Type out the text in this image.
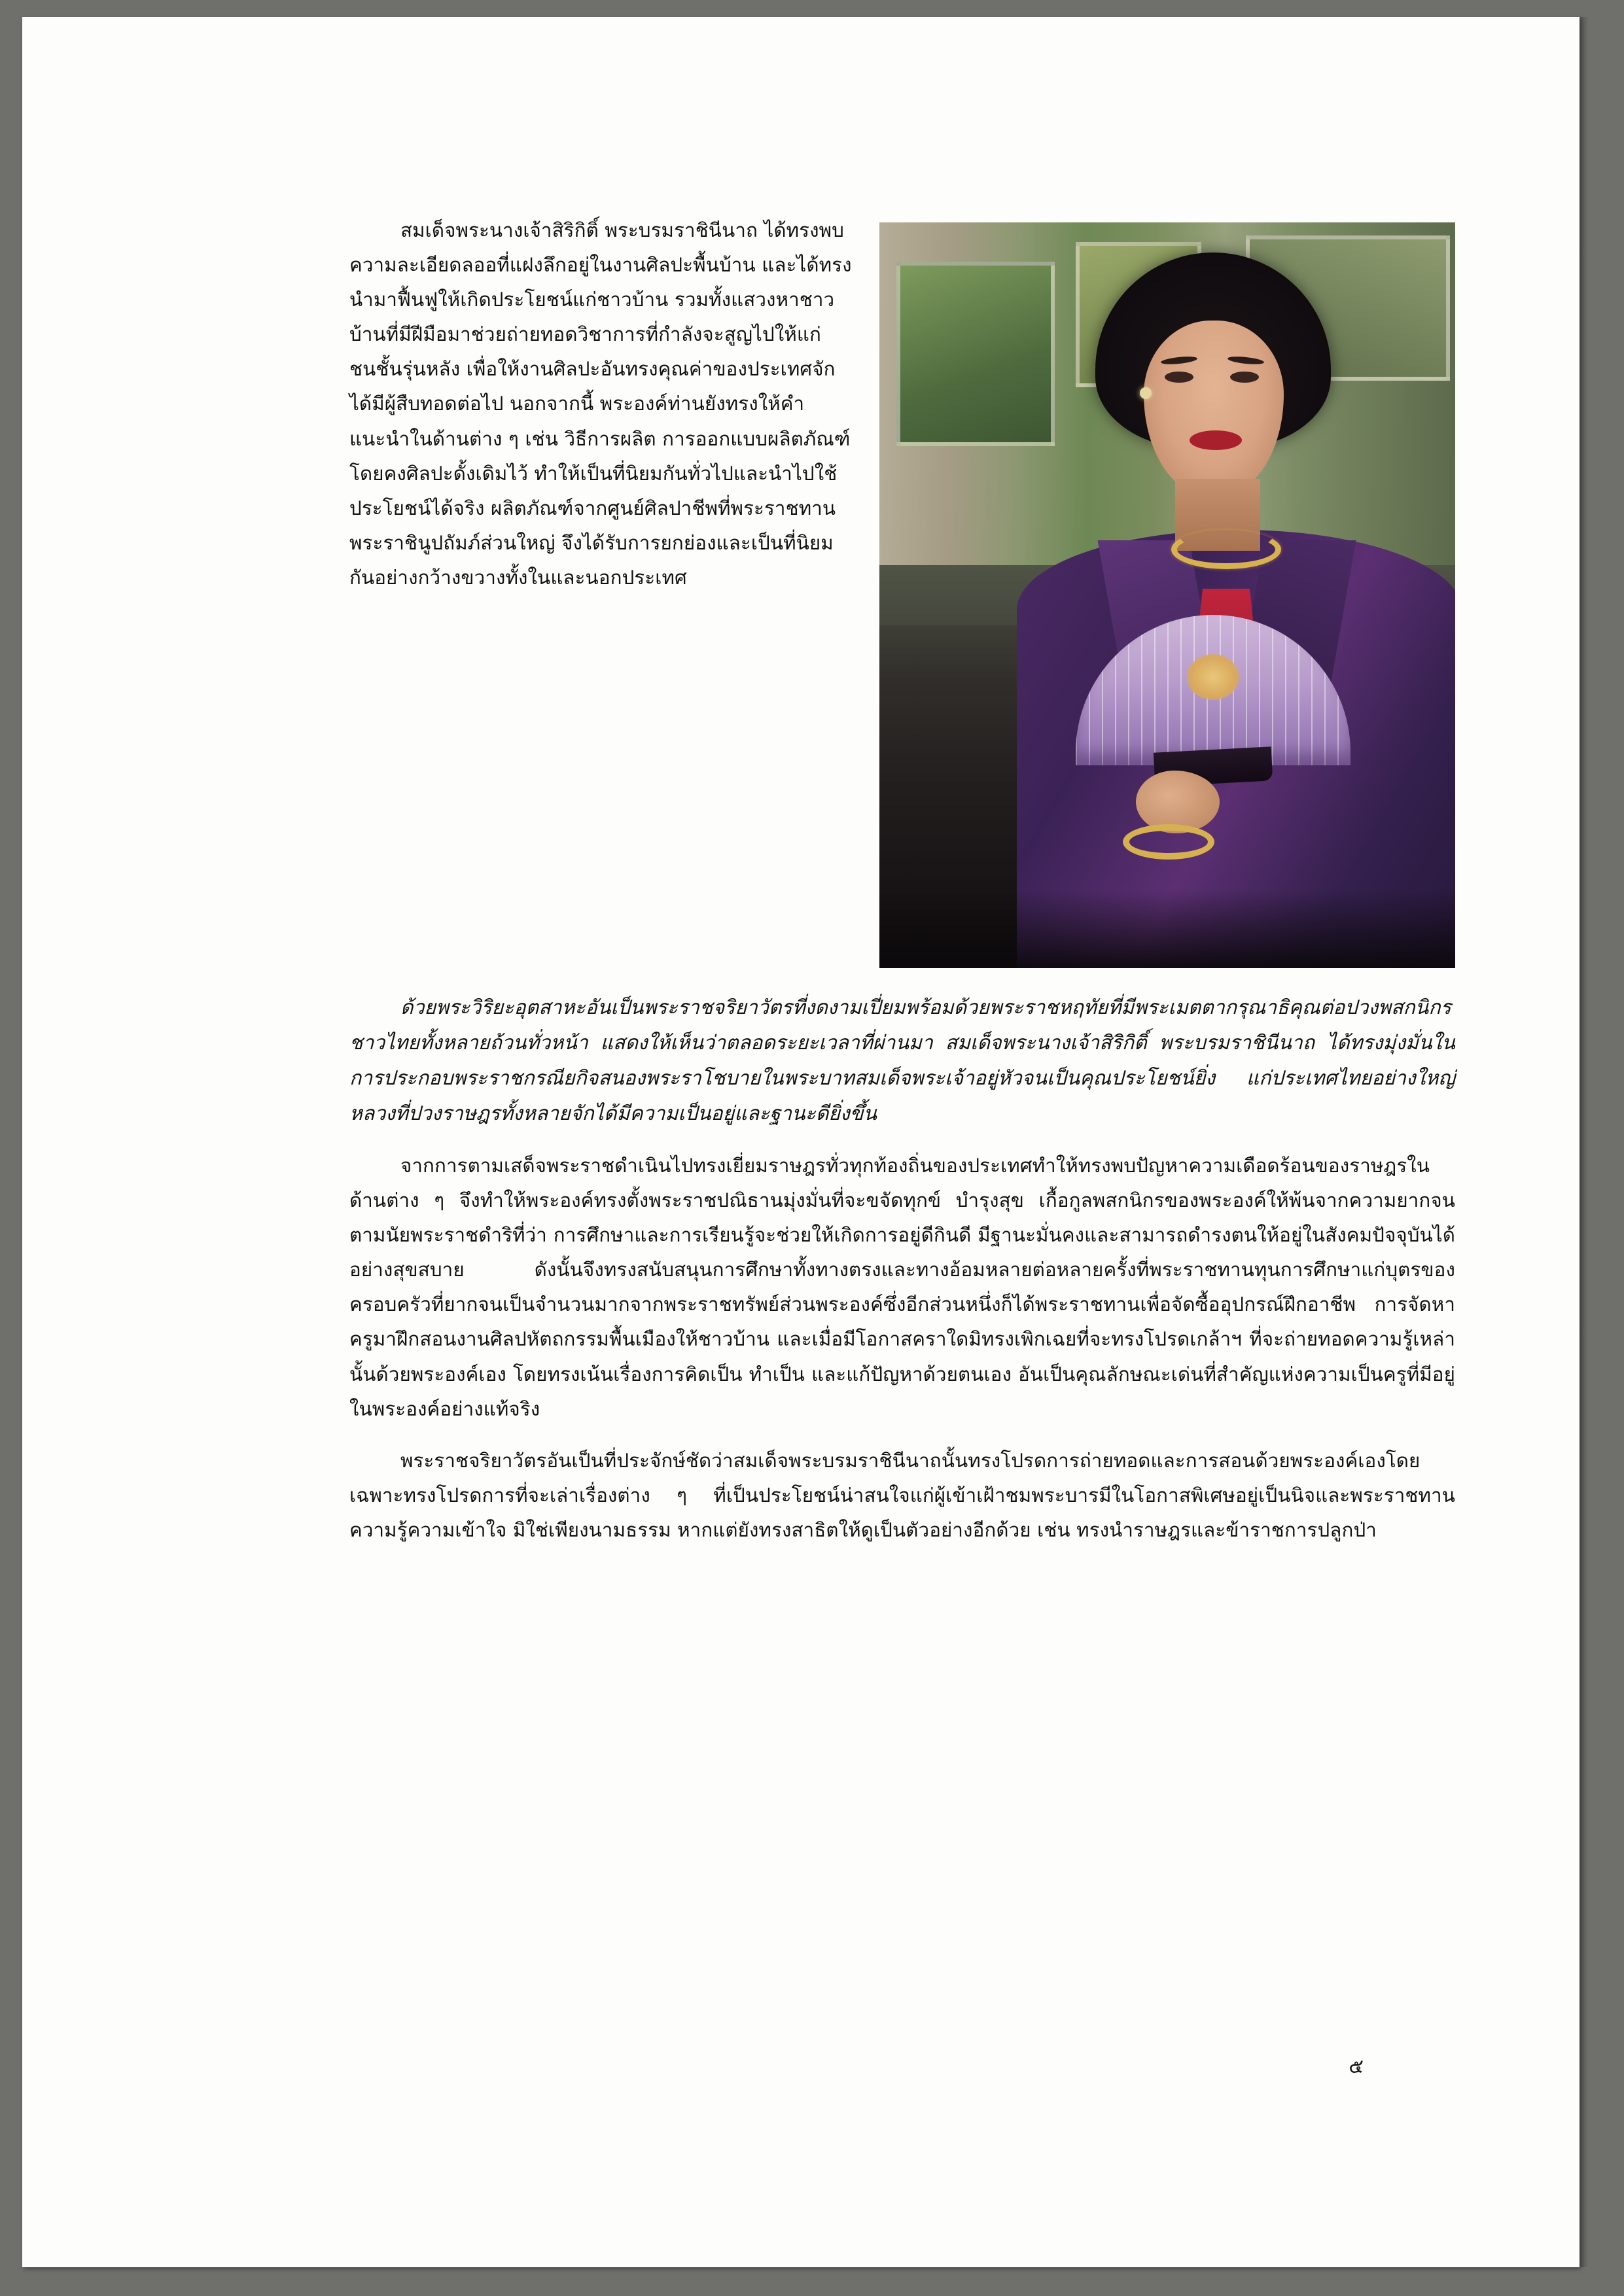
สมเด็จพระนางเจ้าสิริกิติ์ พระบรมราชินีนาถ ได้ทรงพบความละเอียดลออที่แฝงลึกอยู่ในงานศิลปะพื้นบ้าน และได้ทรงนำมาฟื้นฟูให้เกิดประโยชน์แก่ชาวบ้าน รวมทั้งแสวงหาชาวบ้านที่มีฝีมือมาช่วยถ่ายทอดวิชาการที่กำลังจะสูญไปให้แก่ชนชั้นรุ่นหลัง เพื่อให้งานศิลปะอันทรงคุณค่าของประเทศจักได้มีผู้สืบทอดต่อไป นอกจากนี้ พระองค์ท่านยังทรงให้คำแนะนำในด้านต่าง ๆ เช่น วิธีการผลิต การออกแบบผลิตภัณฑ์ โดยคงศิลปะดั้งเดิมไว้ ทำให้เป็นที่นิยมกันทั่วไปและนำไปใช้ประโยชน์ได้จริง ผลิตภัณฑ์จากศูนย์ศิลปาชีพที่พระราชทานพระราชินูปถัมภ์ส่วนใหญ่ จึงได้รับการยกย่องและเป็นที่นิยมกันอย่างกว้างขวางทั้งในและนอกประเทศ

ด้วยพระวิริยะอุตสาหะอันเป็นพระราชจริยาวัตรที่งดงามเปี่ยมพร้อมด้วยพระราชหฤทัยที่มีพระเมตตากรุณาธิคุณต่อปวงพสกนิกรชาวไทยทั้งหลายถ้วนทั่วหน้า แสดงให้เห็นว่าตลอดระยะเวลาที่ผ่านมา สมเด็จพระนางเจ้าสิริกิติ์ พระบรมราชินีนาถ ได้ทรงมุ่งมั่นในการประกอบพระราชกรณียกิจสนองพระราโชบายในพระบาทสมเด็จพระเจ้าอยู่หัวจนเป็นคุณประโยชน์ยิ่ง แก่ประเทศไทยอย่างใหญ่หลวงที่ปวงราษฎรทั้งหลายจักได้มีความเป็นอยู่และฐานะดียิ่งขึ้น

จากการตามเสด็จพระราชดำเนินไปทรงเยี่ยมราษฎรทั่วทุกท้องถิ่นของประเทศทำให้ทรงพบปัญหาความเดือดร้อนของราษฎรในด้านต่าง ๆ จึงทำให้พระองค์ทรงตั้งพระราชปณิธานมุ่งมั่นที่จะขจัดทุกข์ บำรุงสุข เกื้อกูลพสกนิกรของพระองค์ให้พ้นจากความยากจนตามนัยพระราชดำริที่ว่า การศึกษาและการเรียนรู้จะช่วยให้เกิดการอยู่ดีกินดี มีฐานะมั่นคงและสามารถดำรงตนให้อยู่ในสังคมปัจจุบันได้อย่างสุขสบาย ดังนั้นจึงทรงสนับสนุนการศึกษาทั้งทางตรงและทางอ้อมหลายต่อหลายครั้งที่พระราชทานทุนการศึกษาแก่บุตรของครอบครัวที่ยากจนเป็นจำนวนมากจากพระราชทรัพย์ส่วนพระองค์ซึ่งอีกส่วนหนึ่งก็ได้พระราชทานเพื่อจัดซื้ออุปกรณ์ฝึกอาชีพ การจัดหาครูมาฝึกสอนงานศิลปหัตถกรรมพื้นเมืองให้ชาวบ้าน และเมื่อมีโอกาสคราใดมิทรงเพิกเฉยที่จะทรงโปรดเกล้าฯ ที่จะถ่ายทอดความรู้เหล่านั้นด้วยพระองค์เอง โดยทรงเน้นเรื่องการคิดเป็น ทำเป็น และแก้ปัญหาด้วยตนเอง อันเป็นคุณลักษณะเด่นที่สำคัญแห่งความเป็นครูที่มีอยู่ในพระองค์อย่างแท้จริง

พระราชจริยาวัตรอันเป็นที่ประจักษ์ชัดว่าสมเด็จพระบรมราชินีนาถนั้นทรงโปรดการถ่ายทอดและการสอนด้วยพระองค์เองโดยเฉพาะทรงโปรดการที่จะเล่าเรื่องต่าง ๆ ที่เป็นประโยชน์น่าสนใจแก่ผู้เข้าเฝ้าชมพระบารมีในโอกาสพิเศษอยู่เป็นนิจและพระราชทานความรู้ความเข้าใจ มิใช่เพียงนามธรรม หากแต่ยังทรงสาธิตให้ดูเป็นตัวอย่างอีกด้วย เช่น ทรงนำราษฎรและข้าราชการปลูกป่า

๕
